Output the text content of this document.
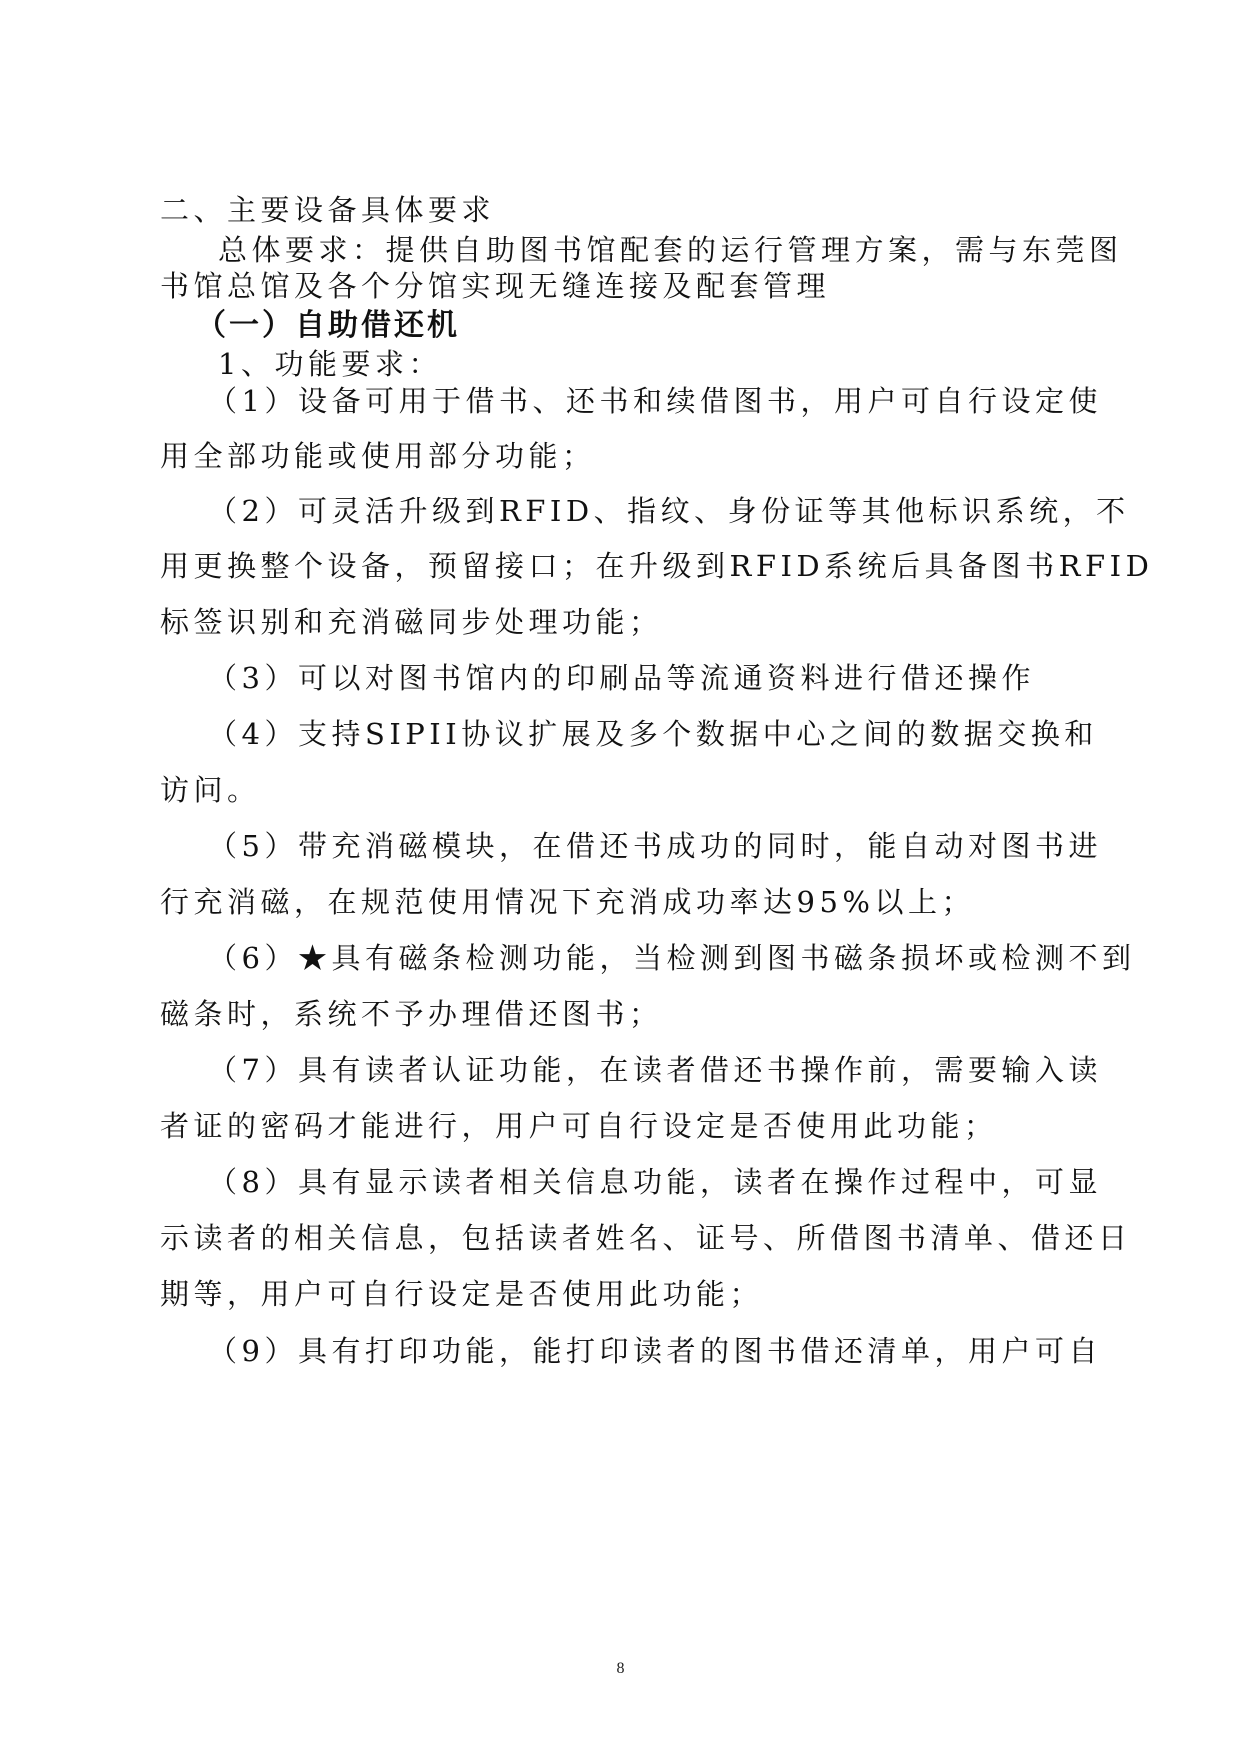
二、主要设备具体要求
总体要求：提供自助图书馆配套的运行管理方案，需与东莞图
书馆总馆及各个分馆实现无缝连接及配套管理
（一）自助借还机
1、功能要求：
（1）设备可用于借书、还书和续借图书，用户可自行设定使
用全部功能或使用部分功能；
（2）可灵活升级到RFID、指纹、身份证等其他标识系统，不
用更换整个设备，预留接口；在升级到RFID系统后具备图书RFID
标签识别和充消磁同步处理功能；
（3）可以对图书馆内的印刷品等流通资料进行借还操作
（4）支持SIPII协议扩展及多个数据中心之间的数据交换和
访问。
（5）带充消磁模块，在借还书成功的同时，能自动对图书进
行充消磁，在规范使用情况下充消成功率达95%以上；
（6）★具有磁条检测功能，当检测到图书磁条损坏或检测不到
磁条时，系统不予办理借还图书；
（7）具有读者认证功能，在读者借还书操作前，需要输入读
者证的密码才能进行，用户可自行设定是否使用此功能；
（8）具有显示读者相关信息功能，读者在操作过程中，可显
示读者的相关信息，包括读者姓名、证号、所借图书清单、借还日
期等，用户可自行设定是否使用此功能；
（9）具有打印功能，能打印读者的图书借还清单，用户可自
8
